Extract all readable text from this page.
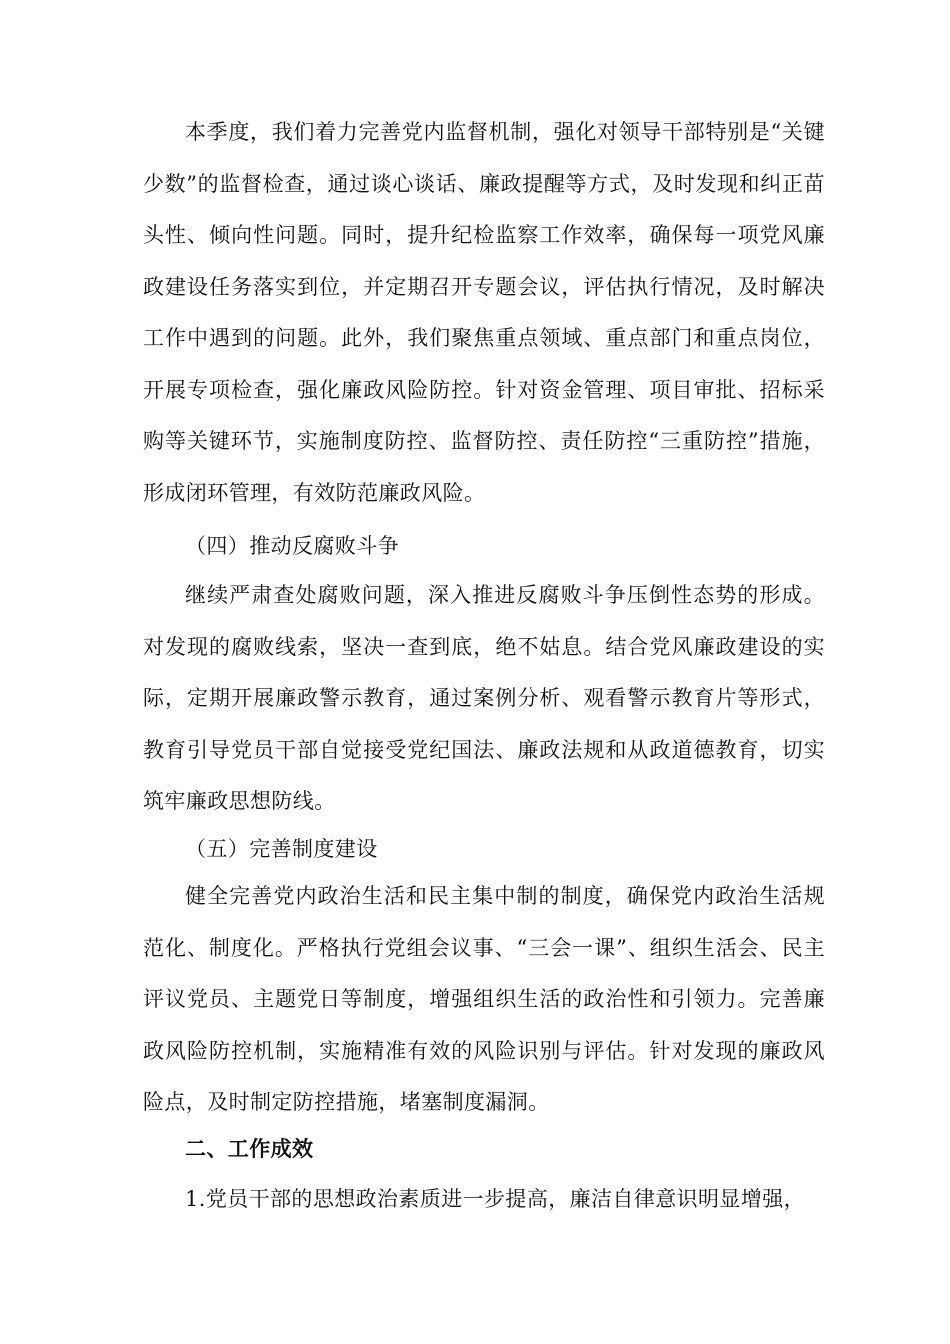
本季度，我们着力完善党内监督机制，强化对领导干部特别是“关键少数”的监督检查，通过谈心谈话、廉政提醒等方式，及时发现和纠正苗头性、倾向性问题。同时，提升纪检监察工作效率，确保每一项党风廉政建设任务落实到位，并定期召开专题会议，评估执行情况，及时解决工作中遇到的问题。此外，我们聚焦重点领域、重点部门和重点岗位，开展专项检查，强化廉政风险防控。针对资金管理、项目审批、招标采购等关键环节，实施制度防控、监督防控、责任防控“三重防控”措施，形成闭环管理，有效防范廉政风险。

（四）推动反腐败斗争

继续严肃查处腐败问题，深入推进反腐败斗争压倒性态势的形成。对发现的腐败线索，坚决一查到底，绝不姑息。结合党风廉政建设的实际，定期开展廉政警示教育，通过案例分析、观看警示教育片等形式，教育引导党员干部自觉接受党纪国法、廉政法规和从政道德教育，切实筑牢廉政思想防线。

（五）完善制度建设

健全完善党内政治生活和民主集中制的制度，确保党内政治生活规范化、制度化。严格执行党组会议事、“三会一课”、组织生活会、民主评议党员、主题党日等制度，增强组织生活的政治性和引领力。完善廉政风险防控机制，实施精准有效的风险识别与评估。针对发现的廉政风险点，及时制定防控措施，堵塞制度漏洞。

二、工作成效

1.党员干部的思想政治素质进一步提高，廉洁自律意识明显增强，
